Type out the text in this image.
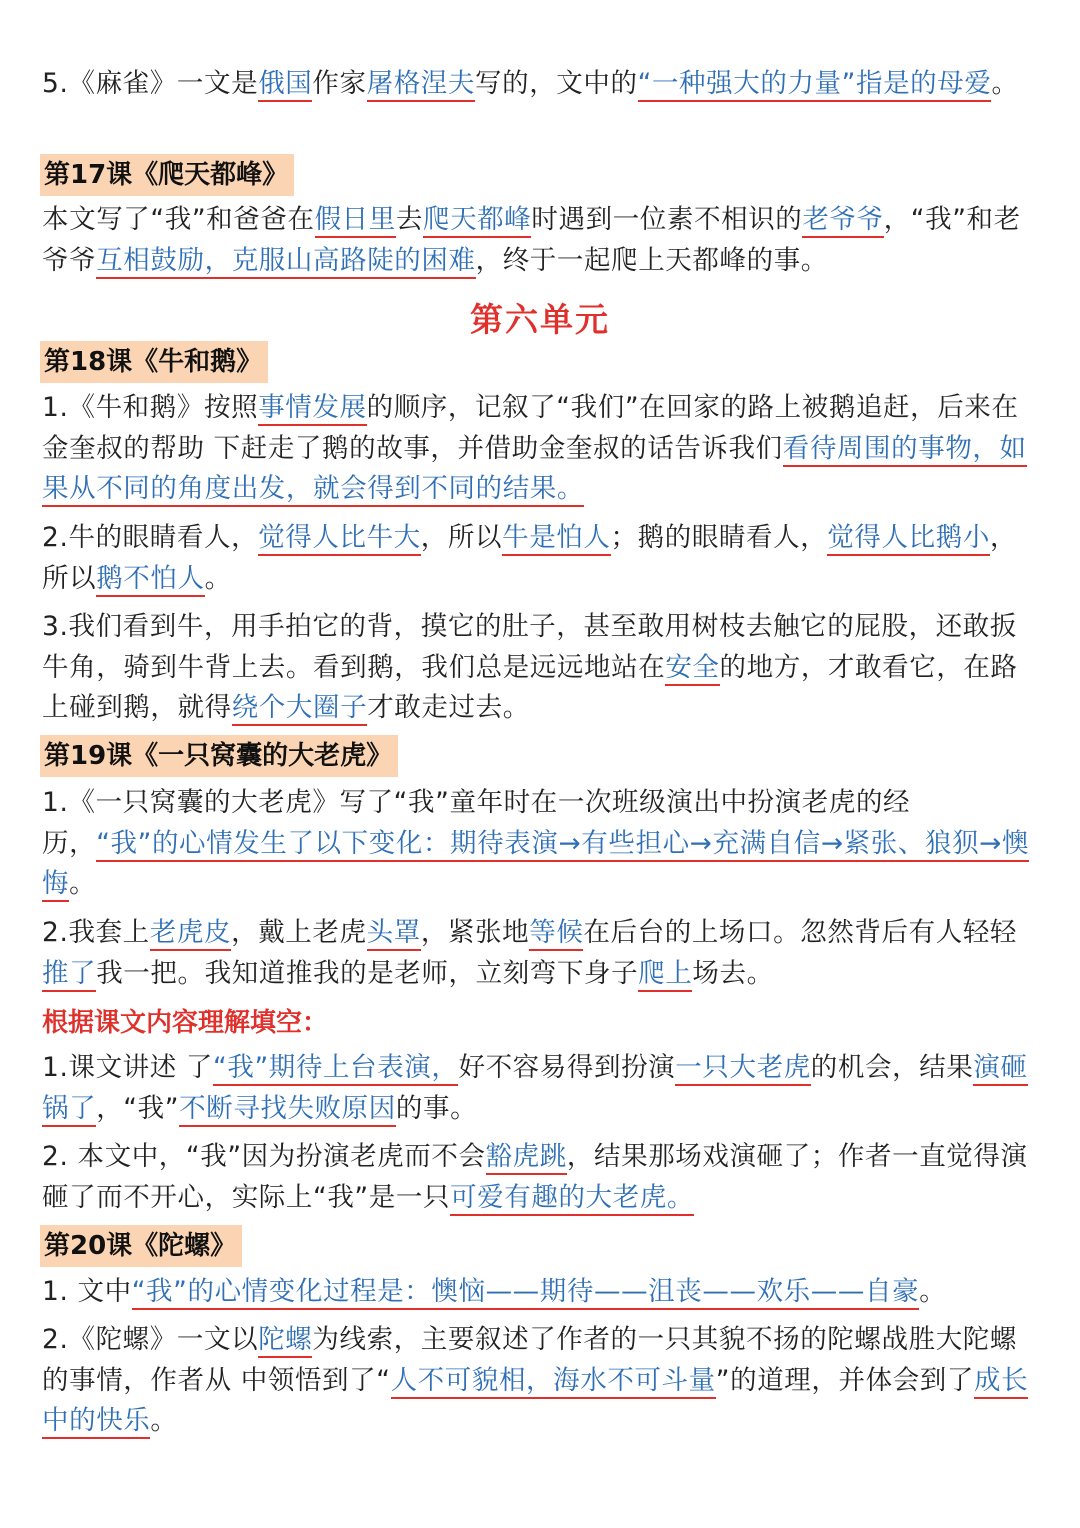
5.《麻雀》一文是俄国作家屠格涅夫写的，文中的“一种强大的力量”指是的母爱。

第17课《爬天都峰》

本文写了“我”和爸爸在假日里去爬天都峰时遇到一位素不相识的老爷爷，“我”和老爷爷互相鼓励，克服山高路陡的困难，终于一起爬上天都峰的事。

第六单元
第18课《牛和鹅》

1.《牛和鹅》按照事情发展的顺序，记叙了“我们”在回家的路上被鹅追赶，后来在金奎叔的帮助 下赶走了鹅的故事，并借助金奎叔的话告诉我们看待周围的事物，如果从不同的角度出发，就会得到不同的结果。

2.牛的眼睛看人，觉得人比牛大，所以牛是怕人；鹅的眼睛看人，觉得人比鹅小，所以鹅不怕人。

3.我们看到牛，用手拍它的背，摸它的肚子，甚至敢用树枝去触它的屁股，还敢扳牛角，骑到牛背上去。看到鹅，我们总是远远地站在安全的地方，才敢看它，在路上碰到鹅，就得绕个大圈子才敢走过去。

第19课《一只窝囊的大老虎》

1.《一只窝囊的大老虎》写了“我”童年时在一次班级演出中扮演老虎的经历，“我”的心情发生了以下变化：期待表演→有些担心→充满自信→紧张、狼狈→懊悔。

2.我套上老虎皮，戴上老虎头罩，紧张地等候在后台的上场口。忽然背后有人轻轻推了我一把。我知道推我的是老师，立刻弯下身子爬上场去。

根据课文内容理解填空：

1.课文讲述 了“我”期待上台表演，好不容易得到扮演一只大老虎的机会，结果演砸锅了，“我”不断寻找失败原因的事。

2. 本文中，“我”因为扮演老虎而不会豁虎跳，结果那场戏演砸了；作者一直觉得演砸了而不开心，实际上“我”是一只可爱有趣的大老虎。

第20课《陀螺》

1. 文中“我”的心情变化过程是：懊恼——期待——沮丧——欢乐——自豪。

2.《陀螺》一文以陀螺为线索，主要叙述了作者的一只其貌不扬的陀螺战胜大陀螺的事情，作者从 中领悟到了“人不可貌相，海水不可斗量”的道理，并体会到了成长中的快乐。
